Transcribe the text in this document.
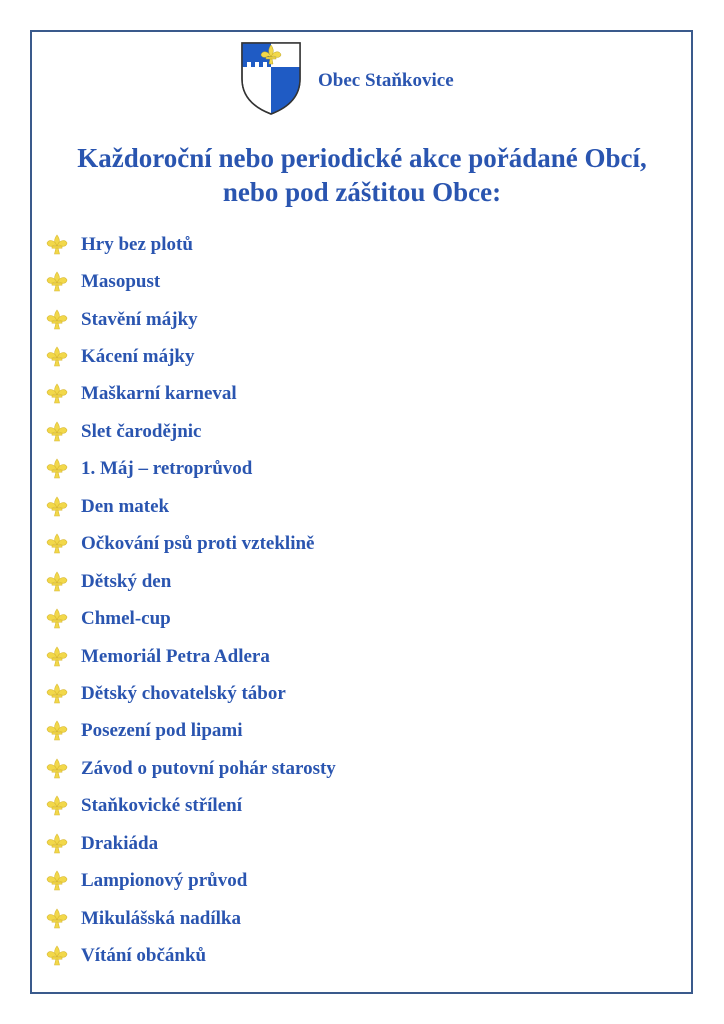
Obec Staňkovice
Každoroční nebo periodické akce pořádané Obcí,
nebo pod záštitou Obce:
Hry bez plotů
Masopust
Stavění májky
Kácení májky
Maškarní karneval
Slet čarodějnic
1. Máj – retroprůvod
Den matek
Očkování psů proti vzteklině
Dětský den
Chmel-cup
Memoriál Petra Adlera
Dětský chovatelský tábor
Posezení pod lipami
Závod o putovní pohár starosty
Staňkovické střílení
Drakiáda
Lampionový průvod
Mikulášská nadílka
Vítání občánků
